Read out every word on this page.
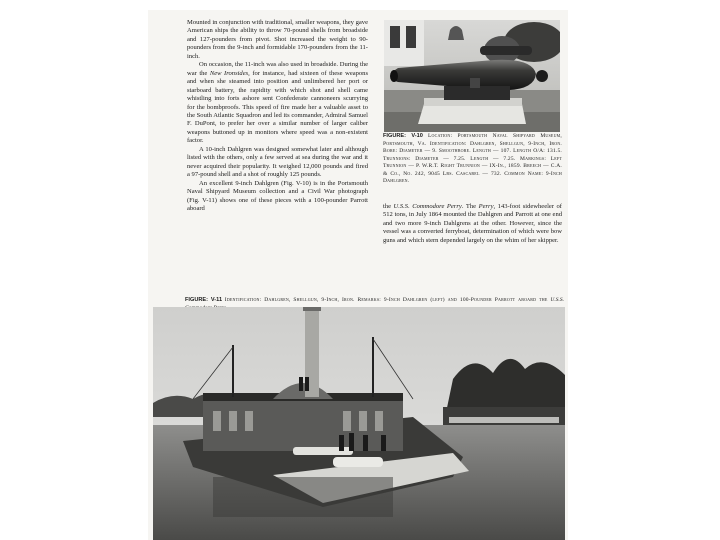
Mounted in conjunction with traditional, smaller weapons, they gave American ships the ability to throw 70-pound shells from broadside and 127-pounders from pivot. Shot increased the weight to 90-pounders from the 9-inch and formidable 170-pounders from the 11-inch.

On occasion, the 11-inch was also used in broadside. During the war the New Ironsides, for instance, had sixteen of these weapons and when she steamed into position and unlimbered her port or starboard battery, the rapidity with which shot and shell came whistling into forts ashore sent Confederate cannoneers scurrying for the bombproofs. This speed of fire made her a valuable asset to the South Atlantic Squadron and led its commander, Admiral Samuel F. DuPont, to prefer her over a similar number of larger caliber weapons buttoned up in monitors where speed was a non-existent factor.

A 10-inch Dahlgren was designed somewhat later and although listed with the others, only a few served at sea during the war and it never acquired their popularity. It weighed 12,000 pounds and fired a 97-pound shell and a shot of roughly 125 pounds.

An excellent 9-inch Dahlgren (Fig. V-10) is in the Portsmouth Naval Shipyard Museum collection and a Civil War photograph (Fig. V-11) shows one of these pieces with a 100-pounder Parrott aboard

FIGURE: V-10 Location: Portsmouth Naval Shipyard Museum, Portsmouth, Va. Identification: Dahlgren, Shellgun, 9-Inch, Iron. Bore: Diameter — 9. Smoothbore. Length — 107. Length O/A: 131.5. Trunnions: Diameter — 7.25. Length — 7.25. Markings: Left Trunnion — P. W.R.T. Right Trunnion — IX-In., 1859. Breech — C.A. & Co., No. 242, 9045 Lbs. Cascabel — 732. Common Name: 9-Inch Dahlgren.

the U.S.S. Commodore Perry. The Perry, 143-foot sidewheeler of 512 tons, in July 1864 mounted the Dahlgren and Parrott at one end and two more 9-inch Dahlgrens at the other. However, since the vessel was a converted ferryboat, determination of which were bow guns and which stern depended largely on the whim of her skipper.

FIGURE: V-11 Identification: Dahlgren, Shellgun, 9-Inch, Iron. Remarks: 9-Inch Dahlgren (left) and 100-Pounder Parrott aboard the U.S.S.
